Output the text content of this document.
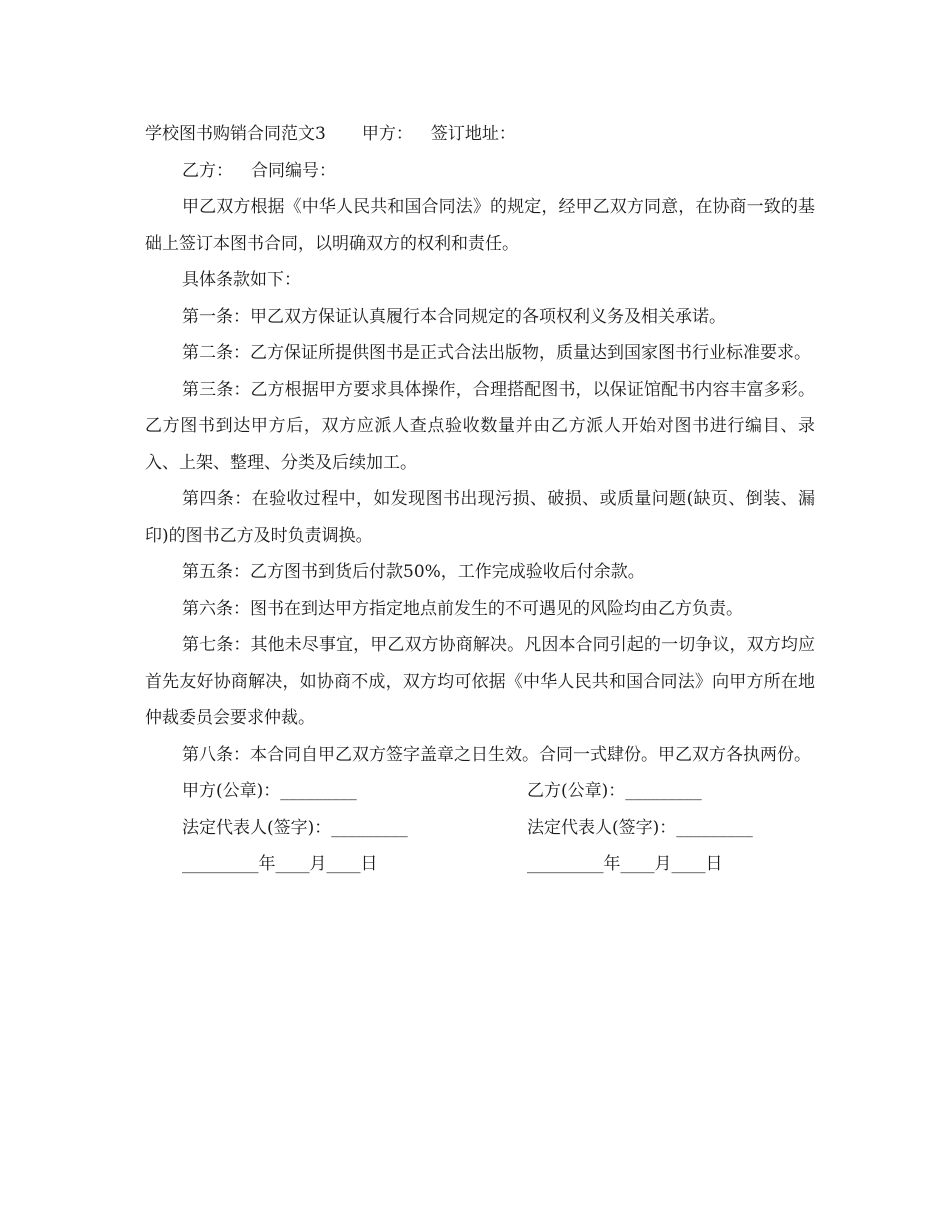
学校图书购销合同范文3 甲方： 签订地址：
乙方： 合同编号：

甲乙双方根据《中华人民共和国合同法》的规定，经甲乙双方同意，在协商一致的基础上签订本图书合同，以明确双方的权利和责任。

具体条款如下：

第一条：甲乙双方保证认真履行本合同规定的各项权利义务及相关承诺。

第二条：乙方保证所提供图书是正式合法出版物，质量达到国家图书行业标准要求。

第三条：乙方根据甲方要求具体操作，合理搭配图书，以保证馆配书内容丰富多彩。乙方图书到达甲方后，双方应派人查点验收数量并由乙方派人开始对图书进行编目、录入、上架、整理、分类及后续加工。

第四条：在验收过程中，如发现图书出现污损、破损、或质量问题(缺页、倒装、漏印)的图书乙方及时负责调换。

第五条：乙方图书到货后付款50%，工作完成验收后付余款。

第六条：图书在到达甲方指定地点前发生的不可遇见的风险均由乙方负责。

第七条：其他未尽事宜，甲乙双方协商解决。凡因本合同引起的一切争议，双方均应首先友好协商解决，如协商不成，双方均可依据《中华人民共和国合同法》向甲方所在地仲裁委员会要求仲裁。

第八条：本合同自甲乙双方签字盖章之日生效。合同一式肆份。甲乙双方各执两份。

甲方(公章)：_________	乙方(公章)：_________
法定代表人(签字)：_________	法定代表人(签字)：_________
_________年____月____日	_________年____月____日
